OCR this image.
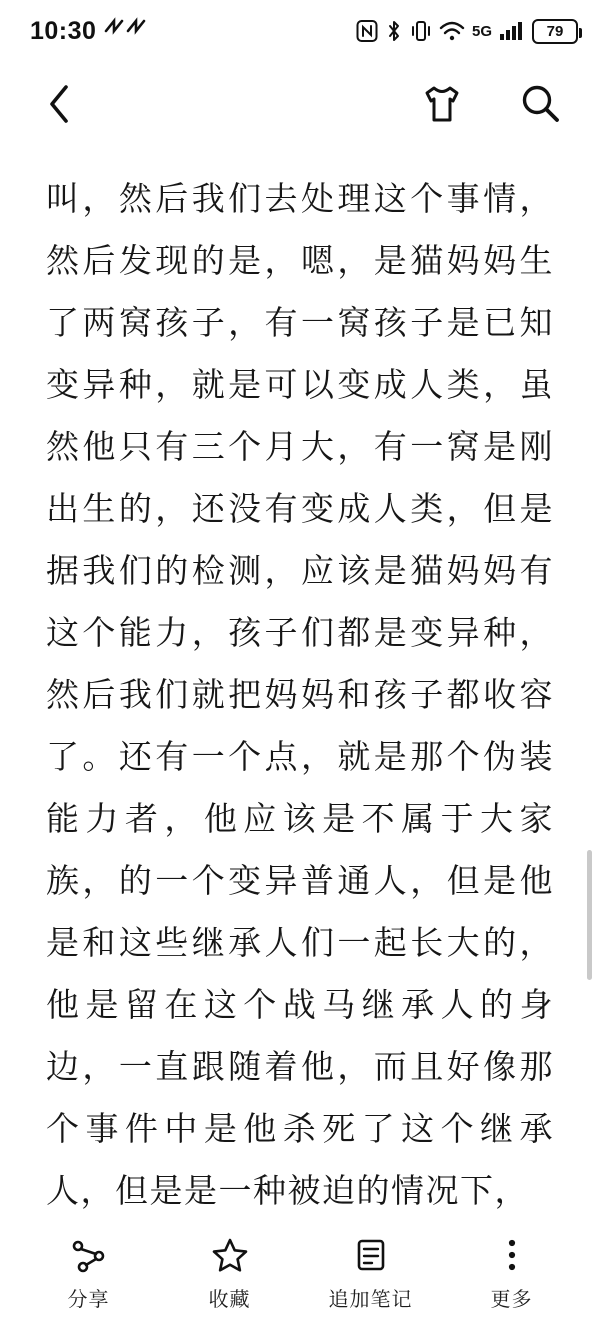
10:30	5G	79
叫，然后我们去处理这个事情，然后发现的是，嗯，是猫妈妈生了两窝孩子，有一窝孩子是已知变异种，就是可以变成人类，虽然他只有三个月大，有一窝是刚出生的，还没有变成人类，但是据我们的检测，应该是猫妈妈有这个能力，孩子们都是变异种，然后我们就把妈妈和孩子都收容了。还有一个点，就是那个伪装能力者，他应该是不属于大家族，的一个变异普通人，但是他是和这些继承人们一起长大的，他是留在这个战马继承人的身边，一直跟随着他，而且好像那个事件中是他杀死了这个继承人，但是是一种被迫的情况下，
分享	收藏	追加笔记	更多
